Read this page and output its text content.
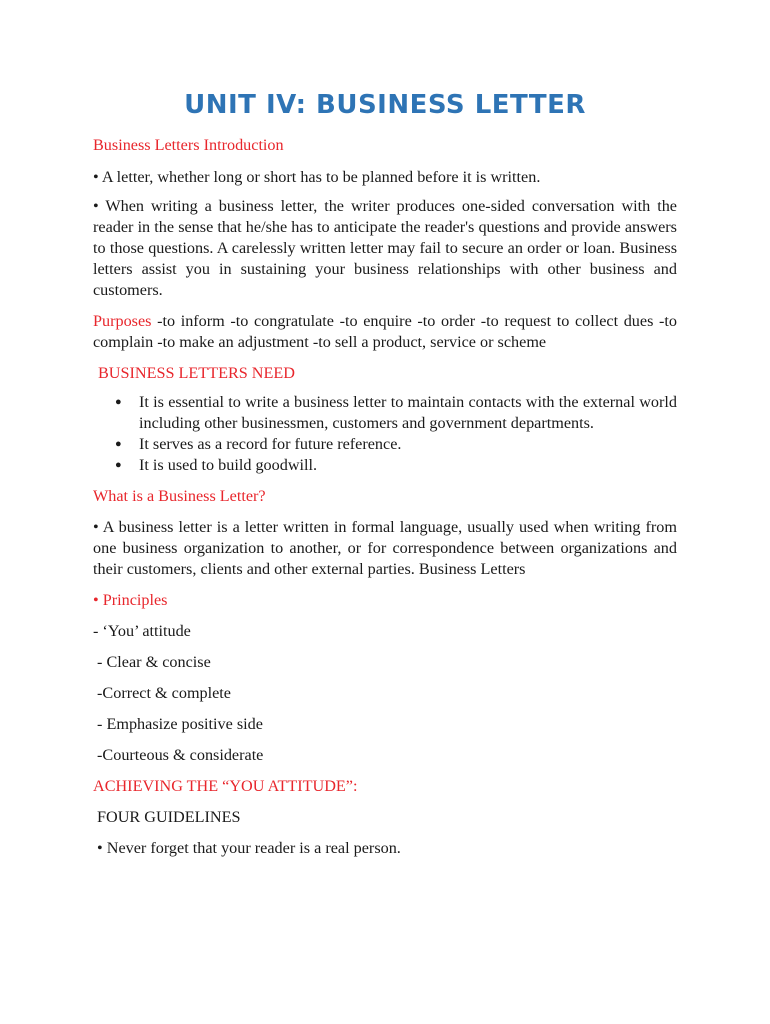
UNIT IV: BUSINESS LETTER

Business Letters Introduction

• A letter, whether long or short has to be planned before it is written.

• When writing a business letter, the writer produces one-sided conversation with the reader in the sense that he/she has to anticipate the reader's questions and provide answers to those questions. A carelessly written letter may fail to secure an order or loan. Business letters assist you in sustaining your business relationships with other business and customers.

Purposes -to inform -to congratulate -to enquire -to order -to request to collect dues -to complain -to make an adjustment -to sell a product, service or scheme

BUSINESS LETTERS NEED

● It is essential to write a business letter to maintain contacts with the external world including other businessmen, customers and government departments.
● It serves as a record for future reference.
● It is used to build goodwill.

What is a Business Letter?

• A business letter is a letter written in formal language, usually used when writing from one business organization to another, or for correspondence between organizations and their customers, clients and other external parties. Business Letters

• Principles

- ‘You’ attitude

- Clear & concise

-Correct & complete

- Emphasize positive side

-Courteous & considerate

ACHIEVING THE “YOU ATTITUDE”:

FOUR GUIDELINES

• Never forget that your reader is a real person.
